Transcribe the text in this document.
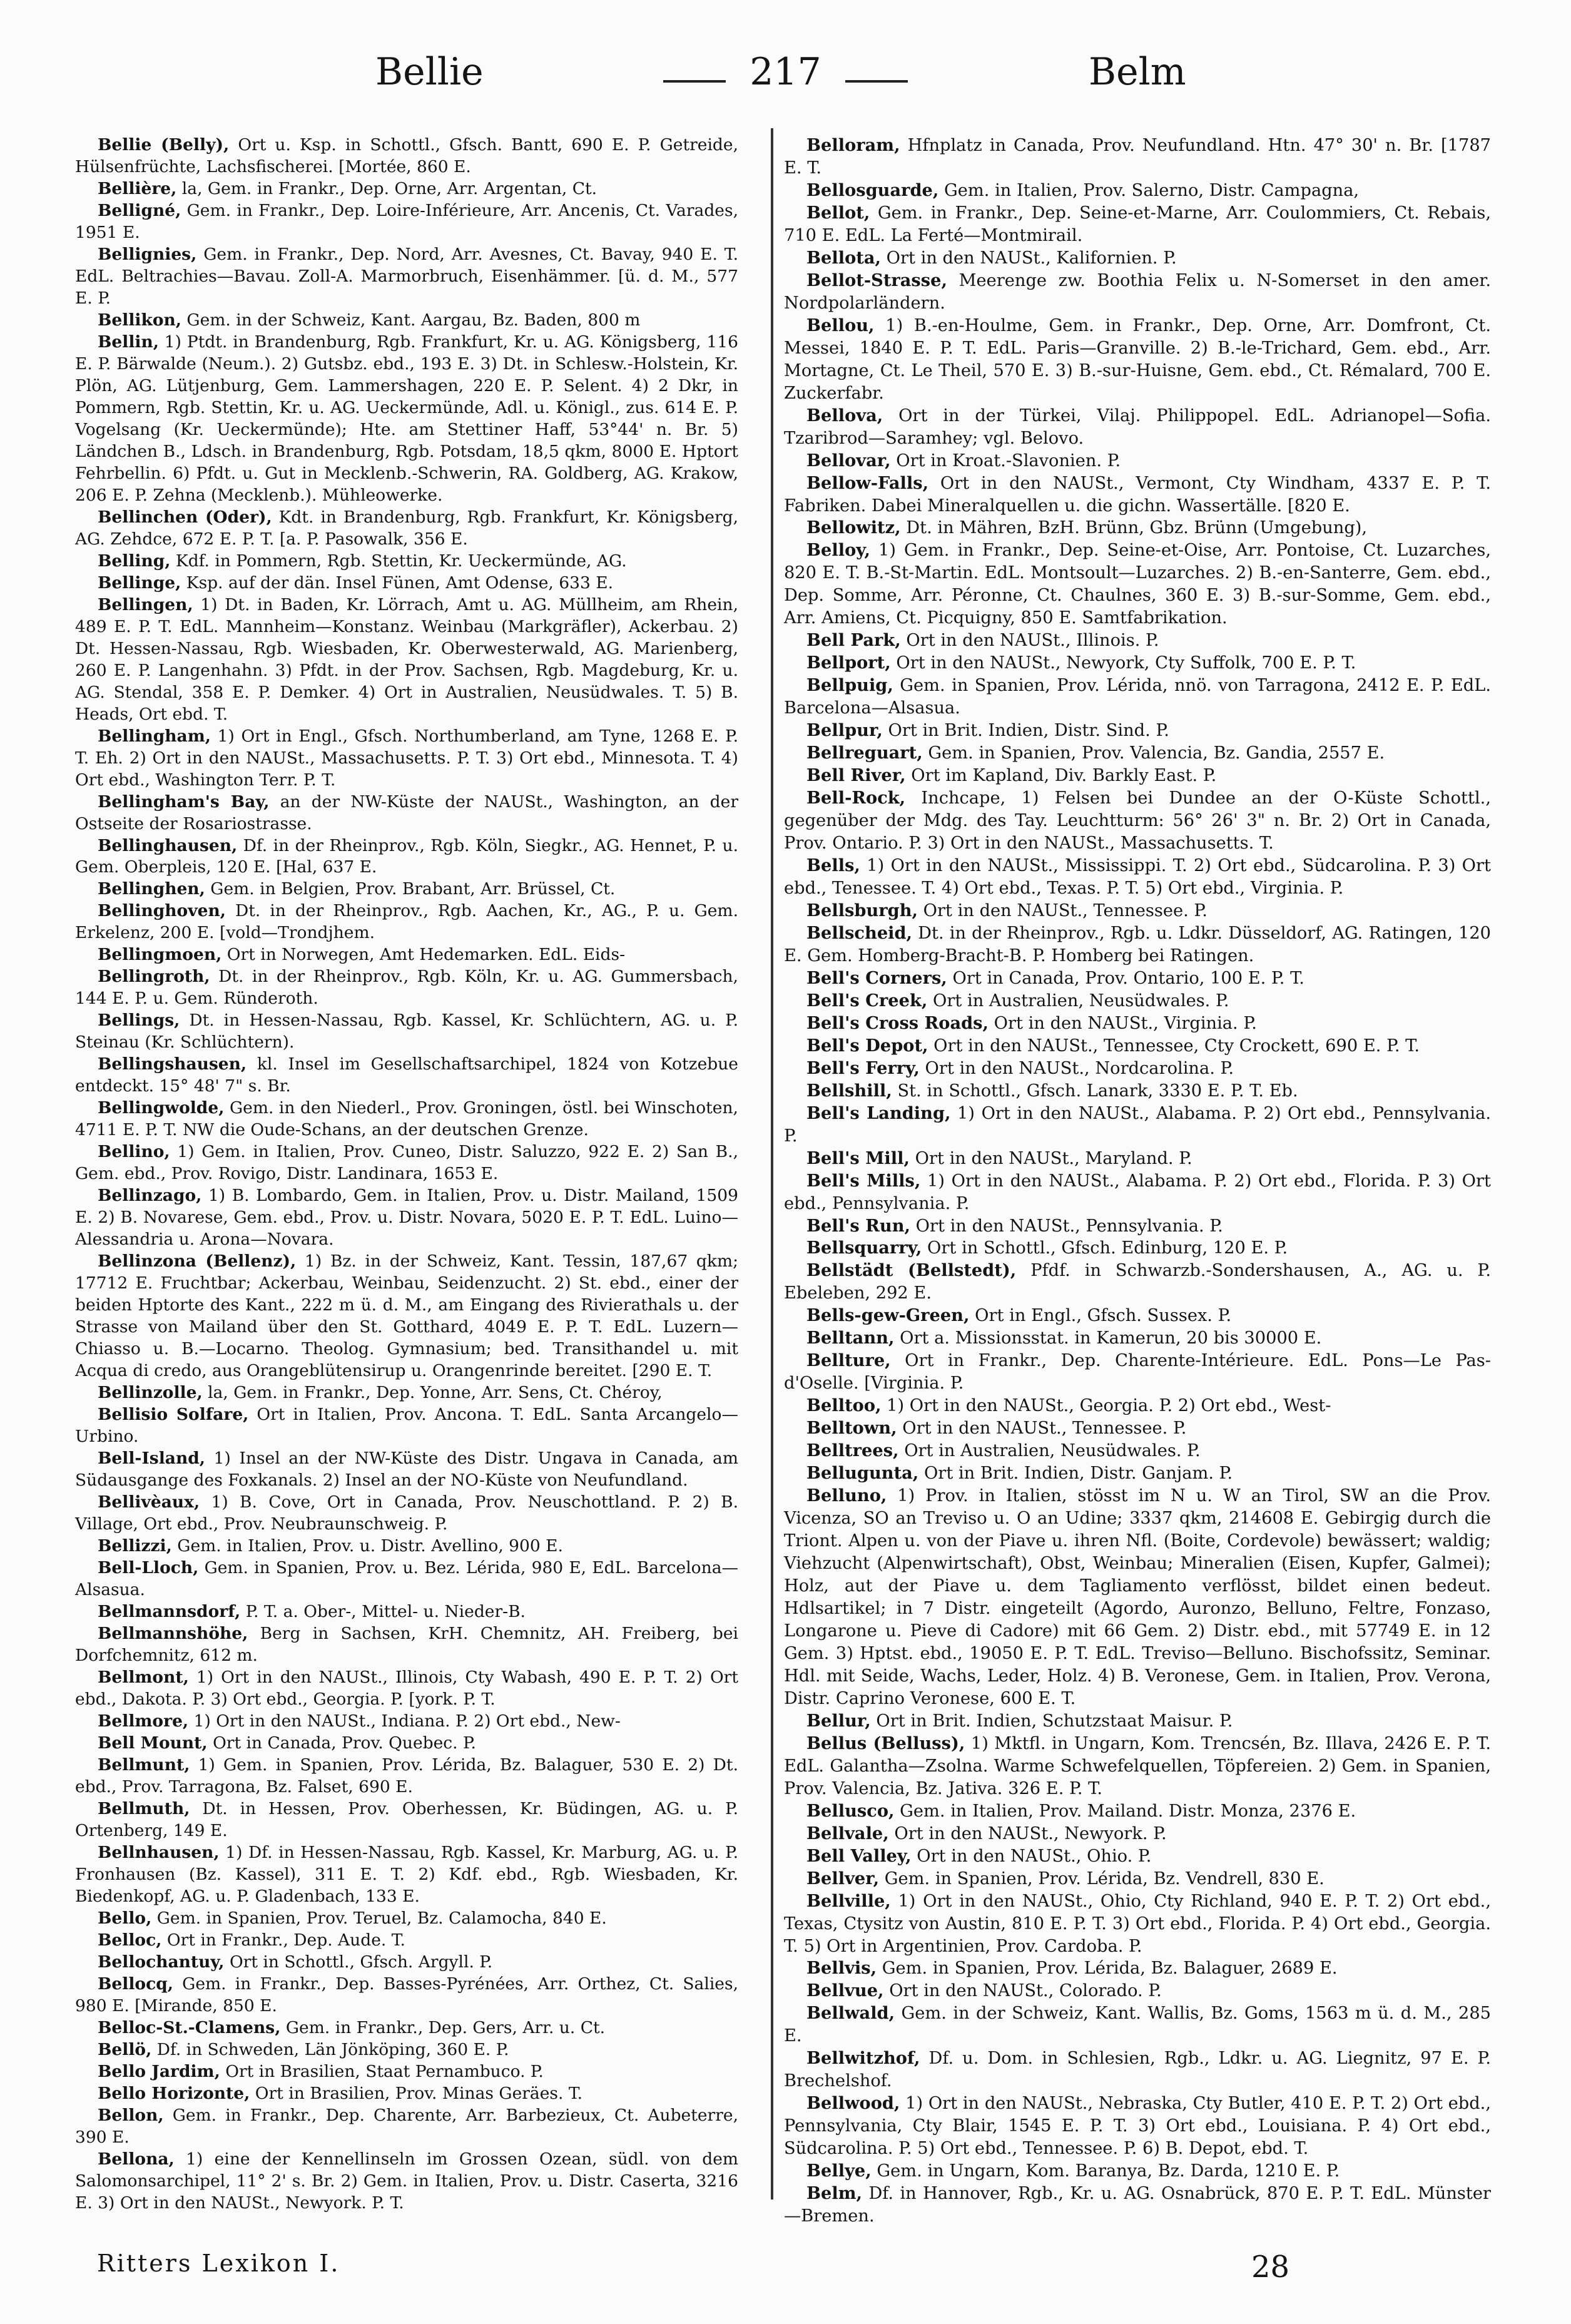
Bellie	217	Belm

Bellie (Belly), Ort u. Ksp. in Schottl., Gfsch. Bantt, 690 E. P. Getreide, Hülsenfrüchte, Lachsfischerei. [Mortée, 860 E.

Bellière, la, Gem. in Frankr., Dep. Orne, Arr. Argentan, Ct.

Belligné, Gem. in Frankr., Dep. Loire-Inférieure, Arr. Ancenis, Ct. Varades, 1951 E.

Bellignies, Gem. in Frankr., Dep. Nord, Arr. Avesnes, Ct. Bavay, 940 E. T. EdL. Beltrachies—Bavau. Zoll-A. Marmorbruch, Eisenhämmer. [ü. d. M., 577 E. P.

Bellikon, Gem. in der Schweiz, Kant. Aargau, Bz. Baden, 800 m

Bellin, 1) Ptdt. in Brandenburg, Rgb. Frankfurt, Kr. u. AG. Königsberg, 116 E. P. Bärwalde (Neum.). 2) Gutsbz. ebd., 193 E. 3) Dt. in Schlesw.-Holstein, Kr. Plön, AG. Lütjenburg, Gem. Lammershagen, 220 E. P. Selent. 4) 2 Dkr, in Pommern, Rgb. Stettin, Kr. u. AG. Ueckermünde, Adl. u. Königl., zus. 614 E. P. Vogelsang (Kr. Ueckermünde); Hte. am Stettiner Haff, 53°44' n. Br. 5) Ländchen B., Ldsch. in Brandenburg, Rgb. Potsdam, 18,5 qkm, 8000 E. Hptort Fehrbellin. 6) Pfdt. u. Gut in Mecklenb.-Schwerin, RA. Goldberg, AG. Krakow, 206 E. P. Zehna (Mecklenb.). Mühleowerke.

Bellinchen (Oder), Kdt. in Brandenburg, Rgb. Frankfurt, Kr. Königsberg, AG. Zehdce, 672 E. P. T. [a. P. Pasowalk, 356 E.

Belling, Kdf. in Pommern, Rgb. Stettin, Kr. Ueckermünde, AG.

Bellinge, Ksp. auf der dän. Insel Fünen, Amt Odense, 633 E.

Bellingen, 1) Dt. in Baden, Kr. Lörrach, Amt u. AG. Müllheim, am Rhein, 489 E. P. T. EdL. Mannheim—Konstanz. Weinbau (Markgräfler), Ackerbau. 2) Dt. Hessen-Nassau, Rgb. Wiesbaden, Kr. Oberwesterwald, AG. Marienberg, 260 E. P. Langenhahn. 3) Pfdt. in der Prov. Sachsen, Rgb. Magdeburg, Kr. u. AG. Stendal, 358 E. P. Demker. 4) Ort in Australien, Neusüdwales. T. 5) B. Heads, Ort ebd. T.

Bellingham, 1) Ort in Engl., Gfsch. Northumberland, am Tyne, 1268 E. P. T. Eh. 2) Ort in den NAUSt., Massachusetts. P. T. 3) Ort ebd., Minnesota. T. 4) Ort ebd., Washington Terr. P. T.

Bellingham's Bay, an der NW-Küste der NAUSt., Washington, an der Ostseite der Rosariostrasse.

Bellinghausen, Df. in der Rheinprov., Rgb. Köln, Siegkr., AG. Hennet, P. u. Gem. Oberpleis, 120 E. [Hal, 637 E.

Bellinghen, Gem. in Belgien, Prov. Brabant, Arr. Brüssel, Ct.

Bellinghoven, Dt. in der Rheinprov., Rgb. Aachen, Kr., AG., P. u. Gem. Erkelenz, 200 E. [vold—Trondjhem.

Bellingmoen, Ort in Norwegen, Amt Hedemarken. EdL. Eids-

Bellingroth, Dt. in der Rheinprov., Rgb. Köln, Kr. u. AG. Gummersbach, 144 E. P. u. Gem. Ründeroth.

Bellings, Dt. in Hessen-Nassau, Rgb. Kassel, Kr. Schlüchtern, AG. u. P. Steinau (Kr. Schlüchtern).

Bellingshausen, kl. Insel im Gesellschaftsarchipel, 1824 von Kotzebue entdeckt. 15° 48' 7" s. Br.

Bellingwolde, Gem. in den Niederl., Prov. Groningen, östl. bei Winschoten, 4711 E. P. T. NW die Oude-Schans, an der deutschen Grenze.

Bellino, 1) Gem. in Italien, Prov. Cuneo, Distr. Saluzzo, 922 E. 2) San B., Gem. ebd., Prov. Rovigo, Distr. Landinara, 1653 E.

Bellinzago, 1) B. Lombardo, Gem. in Italien, Prov. u. Distr. Mailand, 1509 E. 2) B. Novarese, Gem. ebd., Prov. u. Distr. Novara, 5020 E. P. T. EdL. Luino—Alessandria u. Arona—Novara.

Bellinzona (Bellenz), 1) Bz. in der Schweiz, Kant. Tessin, 187,67 qkm; 17712 E. Fruchtbar; Ackerbau, Weinbau, Seidenzucht. 2) St. ebd., einer der beiden Hptorte des Kant., 222 m ü. d. M., am Eingang des Rivierathals u. der Strasse von Mailand über den St. Gotthard, 4049 E. P. T. EdL. Luzern—Chiasso u. B.—Locarno. Theolog. Gymnasium; bed. Transithandel u. mit Acqua di credo, aus Orangeblütensirup u. Orangenrinde bereitet. [290 E. T.

Bellinzolle, la, Gem. in Frankr., Dep. Yonne, Arr. Sens, Ct. Chéroy,

Bellisio Solfare, Ort in Italien, Prov. Ancona. T. EdL. Santa Arcangelo—Urbino.

Bell-Island, 1) Insel an der NW-Küste des Distr. Ungava in Canada, am Südausgange des Foxkanals. 2) Insel an der NO-Küste von Neufundland.

Bellivèaux, 1) B. Cove, Ort in Canada, Prov. Neuschottland. P. 2) B. Village, Ort ebd., Prov. Neubraunschweig. P.

Bellizzi, Gem. in Italien, Prov. u. Distr. Avellino, 900 E.

Bell-Lloch, Gem. in Spanien, Prov. u. Bez. Lérida, 980 E, EdL. Barcelona—Alsasua.

Bellmannsdorf, P. T. a. Ober-, Mittel- u. Nieder-B.

Bellmannshöhe, Berg in Sachsen, KrH. Chemnitz, AH. Freiberg, bei Dorfchemnitz, 612 m.

Bellmont, 1) Ort in den NAUSt., Illinois, Cty Wabash, 490 E. P. T. 2) Ort ebd., Dakota. P. 3) Ort ebd., Georgia. P. [york. P. T.

Bellmore, 1) Ort in den NAUSt., Indiana. P. 2) Ort ebd., New-

Bell Mount, Ort in Canada, Prov. Quebec. P.

Bellmunt, 1) Gem. in Spanien, Prov. Lérida, Bz. Balaguer, 530 E. 2) Dt. ebd., Prov. Tarragona, Bz. Falset, 690 E.

Bellmuth, Dt. in Hessen, Prov. Oberhessen, Kr. Büdingen, AG. u. P. Ortenberg, 149 E.

Bellnhausen, 1) Df. in Hessen-Nassau, Rgb. Kassel, Kr. Marburg, AG. u. P. Fronhausen (Bz. Kassel), 311 E. T. 2) Kdf. ebd., Rgb. Wiesbaden, Kr. Biedenkopf, AG. u. P. Gladenbach, 133 E.

Bello, Gem. in Spanien, Prov. Teruel, Bz. Calamocha, 840 E.

Belloc, Ort in Frankr., Dep. Aude. T.

Bellochantuy, Ort in Schottl., Gfsch. Argyll. P.

Bellocq, Gem. in Frankr., Dep. Basses-Pyrénées, Arr. Orthez, Ct. Salies, 980 E. [Mirande, 850 E.

Belloc-St.-Clamens, Gem. in Frankr., Dep. Gers, Arr. u. Ct.

Bellö, Df. in Schweden, Län Jönköping, 360 E. P.

Bello Jardim, Ort in Brasilien, Staat Pernambuco. P.

Bello Horizonte, Ort in Brasilien, Prov. Minas Geräes. T.

Bellon, Gem. in Frankr., Dep. Charente, Arr. Barbezieux, Ct. Aubeterre, 390 E.

Bellona, 1) eine der Kennellinseln im Grossen Ozean, südl. von dem Salomonsarchipel, 11° 2' s. Br. 2) Gem. in Italien, Prov. u. Distr. Caserta, 3216 E. 3) Ort in den NAUSt., Newyork. P. T.

Belloram, Hfnplatz in Canada, Prov. Neufundland. Htn. 47° 30' n. Br. [1787 E. T.

Bellosguarde, Gem. in Italien, Prov. Salerno, Distr. Campagna,

Bellot, Gem. in Frankr., Dep. Seine-et-Marne, Arr. Coulommiers, Ct. Rebais, 710 E. EdL. La Ferté—Montmirail.

Bellota, Ort in den NAUSt., Kalifornien. P.

Bellot-Strasse, Meerenge zw. Boothia Felix u. N-Somerset in den amer. Nordpolarländern.

Bellou, 1) B.-en-Houlme, Gem. in Frankr., Dep. Orne, Arr. Domfront, Ct. Messei, 1840 E. P. T. EdL. Paris—Granville. 2) B.-le-Trichard, Gem. ebd., Arr. Mortagne, Ct. Le Theil, 570 E. 3) B.-sur-Huisne, Gem. ebd., Ct. Rémalard, 700 E. Zuckerfabr.

Bellova, Ort in der Türkei, Vilaj. Philippopel. EdL. Adrianopel—Sofia. Tzaribrod—Saramhey; vgl. Belovo.

Bellovar, Ort in Kroat.-Slavonien. P.

Bellow-Falls, Ort in den NAUSt., Vermont, Cty Windham, 4337 E. P. T. Fabriken. Dabei Mineralquellen u. die gichn. Wassertälle. [820 E.

Bellowitz, Dt. in Mähren, BzH. Brünn, Gbz. Brünn (Umgebung),

Belloy, 1) Gem. in Frankr., Dep. Seine-et-Oise, Arr. Pontoise, Ct. Luzarches, 820 E. T. B.-St-Martin. EdL. Montsoult—Luzarches. 2) B.-en-Santerre, Gem. ebd., Dep. Somme, Arr. Péronne, Ct. Chaulnes, 360 E. 3) B.-sur-Somme, Gem. ebd., Arr. Amiens, Ct. Picquigny, 850 E. Samtfabrikation.

Bell Park, Ort in den NAUSt., Illinois. P.

Bellport, Ort in den NAUSt., Newyork, Cty Suffolk, 700 E. P. T.

Bellpuig, Gem. in Spanien, Prov. Lérida, nnö. von Tarragona, 2412 E. P. EdL. Barcelona—Alsasua.

Bellpur, Ort in Brit. Indien, Distr. Sind. P.

Bellreguart, Gem. in Spanien, Prov. Valencia, Bz. Gandia, 2557 E.

Bell River, Ort im Kapland, Div. Barkly East. P.

Bell-Rock, Inchcape, 1) Felsen bei Dundee an der O-Küste Schottl., gegenüber der Mdg. des Tay. Leuchtturm: 56° 26' 3" n. Br. 2) Ort in Canada, Prov. Ontario. P. 3) Ort in den NAUSt., Massachusetts. T.

Bells, 1) Ort in den NAUSt., Mississippi. T. 2) Ort ebd., Südcarolina. P. 3) Ort ebd., Tenessee. T. 4) Ort ebd., Texas. P. T. 5) Ort ebd., Virginia. P.

Bellsburgh, Ort in den NAUSt., Tennessee. P.

Bellscheid, Dt. in der Rheinprov., Rgb. u. Ldkr. Düsseldorf, AG. Ratingen, 120 E. Gem. Homberg-Bracht-B. P. Homberg bei Ratingen.

Bell's Corners, Ort in Canada, Prov. Ontario, 100 E. P. T.

Bell's Creek, Ort in Australien, Neusüdwales. P.

Bell's Cross Roads, Ort in den NAUSt., Virginia. P.

Bell's Depot, Ort in den NAUSt., Tennessee, Cty Crockett, 690 E. P. T.

Bell's Ferry, Ort in den NAUSt., Nordcarolina. P.

Bellshill, St. in Schottl., Gfsch. Lanark, 3330 E. P. T. Eb.

Bell's Landing, 1) Ort in den NAUSt., Alabama. P. 2) Ort ebd., Pennsylvania. P.

Bell's Mill, Ort in den NAUSt., Maryland. P.

Bell's Mills, 1) Ort in den NAUSt., Alabama. P. 2) Ort ebd., Florida. P. 3) Ort ebd., Pennsylvania. P.

Bell's Run, Ort in den NAUSt., Pennsylvania. P.

Bellsquarry, Ort in Schottl., Gfsch. Edinburg, 120 E. P.

Bellstädt (Bellstedt), Pfdf. in Schwarzb.-Sondershausen, A., AG. u. P. Ebeleben, 292 E.

Bells-gew-Green, Ort in Engl., Gfsch. Sussex. P.

Belltann, Ort a. Missionsstat. in Kamerun, 20 bis 30000 E.

Bellture, Ort in Frankr., Dep. Charente-Intérieure. EdL. Pons—Le Pas-d'Oselle. [Virginia. P.

Belltoo, 1) Ort in den NAUSt., Georgia. P. 2) Ort ebd., West-

Belltown, Ort in den NAUSt., Tennessee. P.

Belltrees, Ort in Australien, Neusüdwales. P.

Bellugunta, Ort in Brit. Indien, Distr. Ganjam. P.

Belluno, 1) Prov. in Italien, stösst im N u. W an Tirol, SW an die Prov. Vicenza, SO an Treviso u. O an Udine; 3337 qkm, 214608 E. Gebirgig durch die Triont. Alpen u. von der Piave u. ihren Nfl. (Boite, Cordevole) bewässert; waldig; Viehzucht (Alpenwirtschaft), Obst, Weinbau; Mineralien (Eisen, Kupfer, Galmei); Holz, aut der Piave u. dem Tagliamento verflösst, bildet einen bedeut. Hdlsartikel; in 7 Distr. eingeteilt (Agordo, Auronzo, Belluno, Feltre, Fonzaso, Longarone u. Pieve di Cadore) mit 66 Gem. 2) Distr. ebd., mit 57749 E. in 12 Gem. 3) Hptst. ebd., 19050 E. P. T. EdL. Treviso—Belluno. Bischofssitz, Seminar. Hdl. mit Seide, Wachs, Leder, Holz. 4) B. Veronese, Gem. in Italien, Prov. Verona, Distr. Caprino Veronese, 600 E. T.

Bellur, Ort in Brit. Indien, Schutzstaat Maisur. P.

Bellus (Belluss), 1) Mktfl. in Ungarn, Kom. Trencsén, Bz. Illava, 2426 E. P. T. EdL. Galantha—Zsolna. Warme Schwefelquellen, Töpfereien. 2) Gem. in Spanien, Prov. Valencia, Bz. Jativa. 326 E. P. T.

Bellusco, Gem. in Italien, Prov. Mailand. Distr. Monza, 2376 E.

Bellvale, Ort in den NAUSt., Newyork. P.

Bell Valley, Ort in den NAUSt., Ohio. P.

Bellver, Gem. in Spanien, Prov. Lérida, Bz. Vendrell, 830 E.

Bellville, 1) Ort in den NAUSt., Ohio, Cty Richland, 940 E. P. T. 2) Ort ebd., Texas, Ctysitz von Austin, 810 E. P. T. 3) Ort ebd., Florida. P. 4) Ort ebd., Georgia. T. 5) Ort in Argentinien, Prov. Cardoba. P.

Bellvis, Gem. in Spanien, Prov. Lérida, Bz. Balaguer, 2689 E.

Bellvue, Ort in den NAUSt., Colorado. P.

Bellwald, Gem. in der Schweiz, Kant. Wallis, Bz. Goms, 1563 m ü. d. M., 285 E.

Bellwitzhof, Df. u. Dom. in Schlesien, Rgb., Ldkr. u. AG. Liegnitz, 97 E. P. Brechelshof.

Bellwood, 1) Ort in den NAUSt., Nebraska, Cty Butler, 410 E. P. T. 2) Ort ebd., Pennsylvania, Cty Blair, 1545 E. P. T. 3) Ort ebd., Louisiana. P. 4) Ort ebd., Südcarolina. P. 5) Ort ebd., Tennessee. P. 6) B. Depot, ebd. T.

Bellye, Gem. in Ungarn, Kom. Baranya, Bz. Darda, 1210 E. P.

Belm, Df. in Hannover, Rgb., Kr. u. AG. Osnabrück, 870 E. P. T. EdL. Münster—Bremen.

Ritters Lexikon I.	28
